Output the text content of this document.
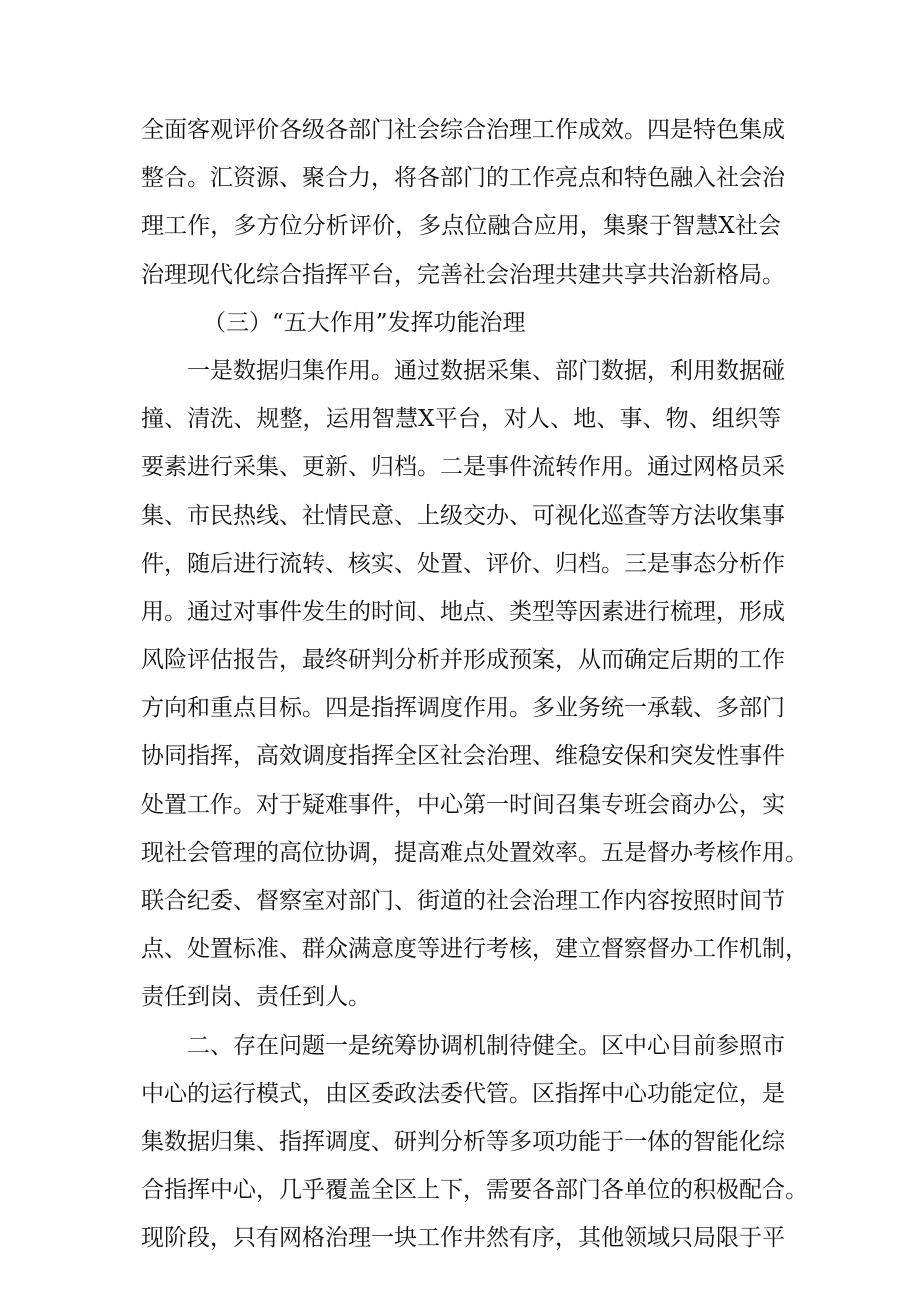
全面客观评价各级各部门社会综合治理工作成效。四是特色集成
整合。汇资源、聚合力，将各部门的工作亮点和特色融入社会治
理工作，多方位分析评价，多点位融合应用，集聚于智慧X社会
治理现代化综合指挥平台，完善社会治理共建共享共治新格局。
（三）“五大作用”发挥功能治理
一是数据归集作用。通过数据采集、部门数据，利用数据碰
撞、清洗、规整，运用智慧X平台，对人、地、事、物、组织等
要素进行采集、更新、归档。二是事件流转作用。通过网格员采
集、市民热线、社情民意、上级交办、可视化巡查等方法收集事
件，随后进行流转、核实、处置、评价、归档。三是事态分析作
用。通过对事件发生的时间、地点、类型等因素进行梳理，形成
风险评估报告，最终研判分析并形成预案，从而确定后期的工作
方向和重点目标。四是指挥调度作用。多业务统一承载、多部门
协同指挥，高效调度指挥全区社会治理、维稳安保和突发性事件
处置工作。对于疑难事件，中心第一时间召集专班会商办公，实
现社会管理的高位协调，提高难点处置效率。五是督办考核作用。
联合纪委、督察室对部门、街道的社会治理工作内容按照时间节
点、处置标准、群众满意度等进行考核，建立督察督办工作机制，
责任到岗、责任到人。
二、存在问题一是统筹协调机制待健全。区中心目前参照市
中心的运行模式，由区委政法委代管。区指挥中心功能定位，是
集数据归集、指挥调度、研判分析等多项功能于一体的智能化综
合指挥中心，几乎覆盖全区上下，需要各部门各单位的积极配合。
现阶段，只有网格治理一块工作井然有序，其他领域只局限于平
